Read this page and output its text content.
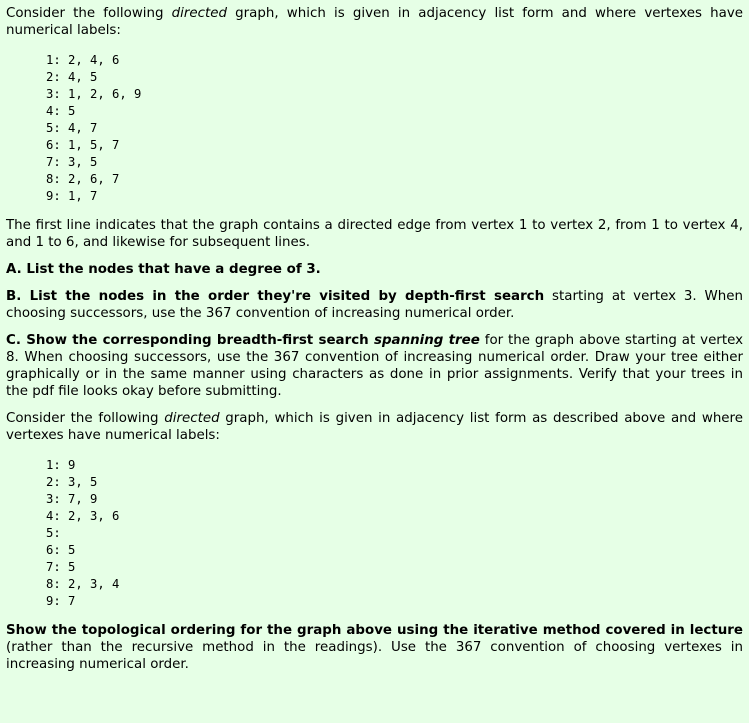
Consider the following directed graph, which is given in adjacency list form and where vertexes have numerical labels:

1: 2, 4, 6
2: 4, 5
3: 1, 2, 6, 9
4: 5
5: 4, 7
6: 1, 5, 7
7: 3, 5
8: 2, 6, 7
9: 1, 7

The first line indicates that the graph contains a directed edge from vertex 1 to vertex 2, from 1 to vertex 4, and 1 to 6, and likewise for subsequent lines.

A. List the nodes that have a degree of 3.

B. List the nodes in the order they're visited by depth-first search starting at vertex 3. When choosing successors, use the 367 convention of increasing numerical order.

C. Show the corresponding breadth-first search spanning tree for the graph above starting at vertex 8. When choosing successors, use the 367 convention of increasing numerical order. Draw your tree either graphically or in the same manner using characters as done in prior assignments. Verify that your trees in the pdf file looks okay before submitting.

Consider the following directed graph, which is given in adjacency list form as described above and where vertexes have numerical labels:

1: 9
2: 3, 5
3: 7, 9
4: 2, 3, 6
5:
6: 5
7: 5
8: 2, 3, 4
9: 7

Show the topological ordering for the graph above using the iterative method covered in lecture (rather than the recursive method in the readings). Use the 367 convention of choosing vertexes in increasing numerical order.
